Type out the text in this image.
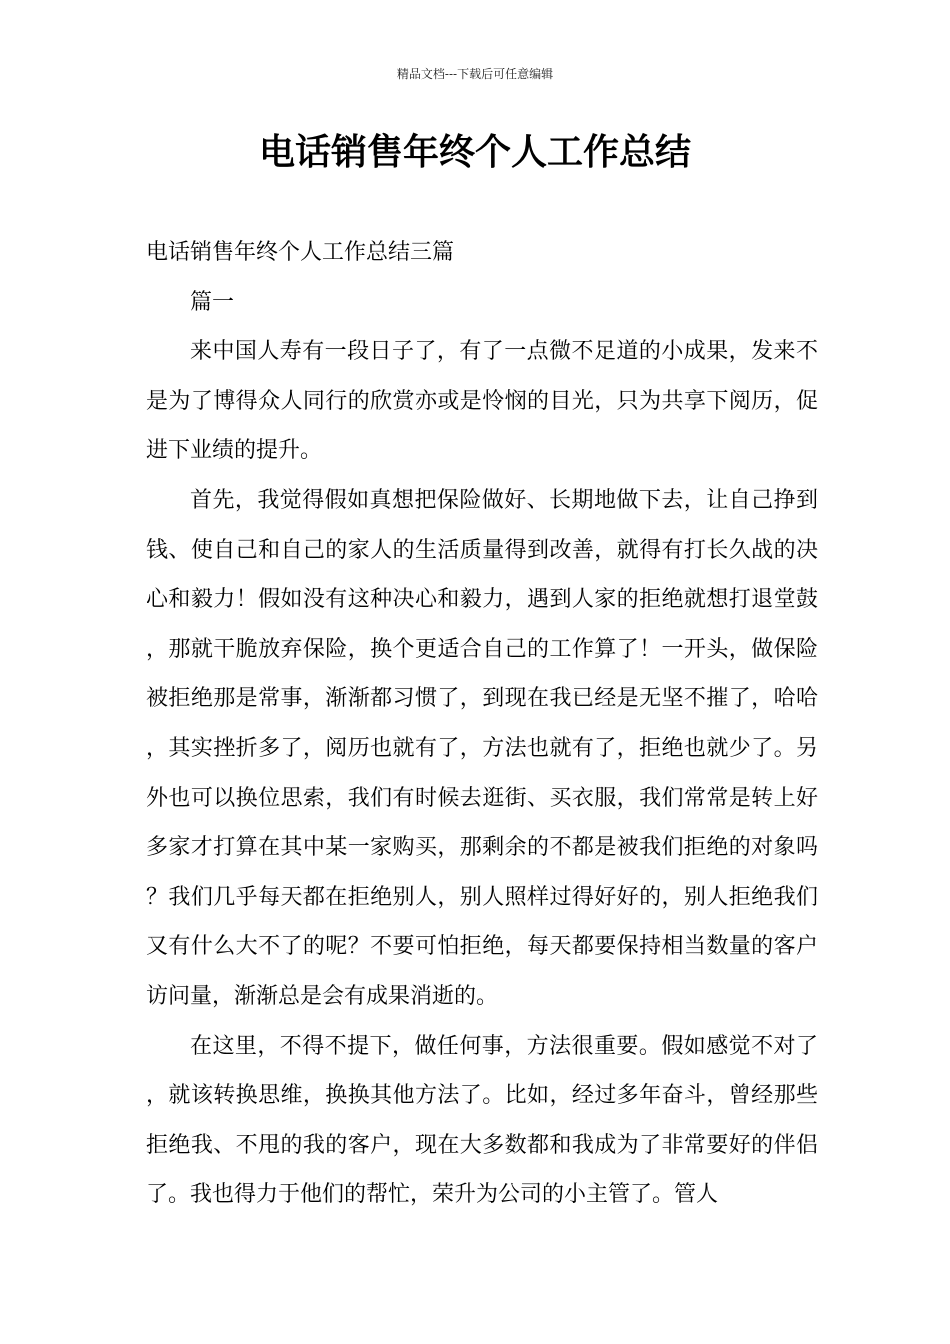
精品文档---下载后可任意编辑
电话销售年终个人工作总结

电话销售年终个人工作总结三篇

篇一

来中国人寿有一段日子了，有了一点微不足道的小成果，发来不是为了博得众人同行的欣赏亦或是怜悯的目光，只为共享下阅历，促进下业绩的提升。

首先，我觉得假如真想把保险做好、长期地做下去，让自己挣到钱、使自己和自己的家人的生活质量得到改善，就得有打长久战的决心和毅力！假如没有这种决心和毅力，遇到人家的拒绝就想打退堂鼓，那就干脆放弃保险，换个更适合自己的工作算了！一开头，做保险被拒绝那是常事，渐渐都习惯了，到现在我已经是无坚不摧了，哈哈，其实挫折多了，阅历也就有了，方法也就有了，拒绝也就少了。另外也可以换位思索，我们有时候去逛街、买衣服，我们常常是转上好多家才打算在其中某一家购买，那剩余的不都是被我们拒绝的对象吗？我们几乎每天都在拒绝别人，别人照样过得好好的，别人拒绝我们又有什么大不了的呢？不要可怕拒绝，每天都要保持相当数量的客户访问量，渐渐总是会有成果消逝的。

在这里，不得不提下，做任何事，方法很重要。假如感觉不对了，就该转换思维，换换其他方法了。比如，经过多年奋斗，曾经那些拒绝我、不甩的我的客户，现在大多数都和我成为了非常要好的伴侣了。我也得力于他们的帮忙，荣升为公司的小主管了。管人
